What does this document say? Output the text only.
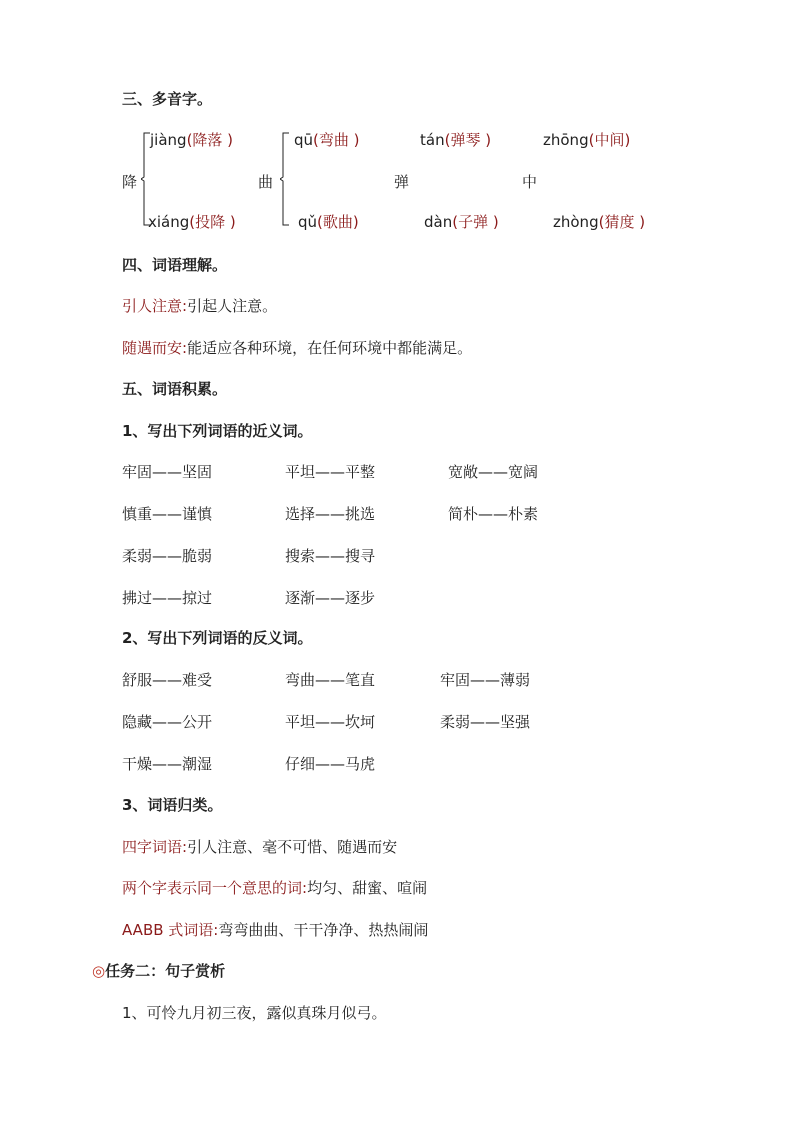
三、多音字。
降
jiàng(降落 )
xiáng(投降 )
曲
qū(弯曲 )
qǔ(歌曲)
弹
tán(弹琴 )
dàn(子弹 )
中
zhōng(中间)
zhòng(猜度 )
四、词语理解。
引人注意:引起人注意。
随遇而安:能适应各种环境，在任何环境中都能满足。
五、词语积累。
1、写出下列词语的近义词。
牢固——坚固	平坦——平整	宽敞——宽阔
慎重——谨慎	选择——挑选	简朴——朴素
柔弱——脆弱	搜索——搜寻
拂过——掠过	逐渐——逐步
2、写出下列词语的反义词。
舒服——难受	弯曲——笔直	牢固——薄弱
隐藏——公开	平坦——坎坷	柔弱——坚强
干燥——潮湿	仔细——马虎
3、词语归类。
四字词语:引人注意、毫不可惜、随遇而安
两个字表示同一个意思的词:均匀、甜蜜、喧闹
AABB 式词语:弯弯曲曲、干干净净、热热闹闹
◎任务二：句子赏析
1、可怜九月初三夜，露似真珠月似弓。
